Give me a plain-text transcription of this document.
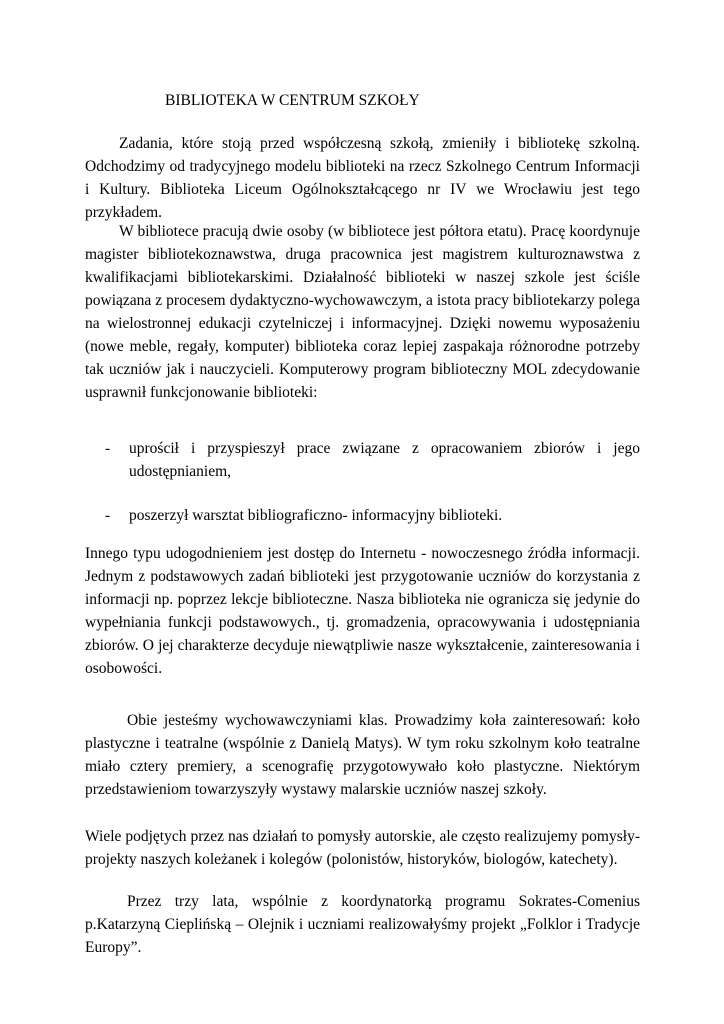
BIBLIOTEKA W CENTRUM SZKOŁY

Zadania, które stoją przed współczesną szkołą, zmieniły i bibliotekę szkolną. Odchodzimy od tradycyjnego modelu biblioteki na rzecz Szkolnego Centrum Informacji i Kultury. Biblioteka Liceum Ogólnokształcącego nr IV we Wrocławiu jest tego przykładem.

W bibliotece pracują dwie osoby (w bibliotece jest półtora etatu). Pracę koordynuje magister bibliotekoznawstwa, druga pracownica jest magistrem kulturoznawstwa z kwalifikacjami bibliotekarskimi. Działalność biblioteki w naszej szkole jest ściśle powiązana z procesem dydaktyczno-wychowawczym, a istota pracy bibliotekarzy polega na wielostronnej edukacji czytelniczej i informacyjnej. Dzięki nowemu wyposażeniu (nowe meble, regały, komputer) biblioteka coraz lepiej zaspakaja różnorodne potrzeby tak uczniów jak i nauczycieli. Komputerowy program biblioteczny MOL zdecydowanie usprawnił funkcjonowanie biblioteki:

- uprościł i przyspieszył prace związane z opracowaniem zbiorów i jego udostępnianiem,
- poszerzył warsztat bibliograficzno- informacyjny biblioteki.

Innego typu udogodnieniem jest dostęp do Internetu - nowoczesnego źródła informacji. Jednym z podstawowych zadań biblioteki jest przygotowanie uczniów do korzystania z informacji np. poprzez lekcje biblioteczne. Nasza biblioteka nie ogranicza się jedynie do wypełniania funkcji podstawowych., tj. gromadzenia, opracowywania i udostępniania zbiorów. O jej charakterze decyduje niewątpliwie nasze wykształcenie, zainteresowania i osobowości.

Obie jesteśmy wychowawczyniami klas. Prowadzimy koła zainteresowań: koło plastyczne i teatralne (wspólnie z Danielą Matys). W tym roku szkolnym koło teatralne miało cztery premiery, a scenografię przygotowywało koło plastyczne. Niektórym przedstawieniom towarzyszyły wystawy malarskie uczniów naszej szkoły.

Wiele podjętych przez nas działań to pomysły autorskie, ale często realizujemy pomysły-projekty naszych koleżanek i kolegów (polonistów, historyków, biologów, katechety).

Przez trzy lata, wspólnie z koordynatorką programu Sokrates-Comenius p.Katarzyną Cieplińską – Olejnik i uczniami realizowałyśmy projekt „Folklor i Tradycje Europy”.
